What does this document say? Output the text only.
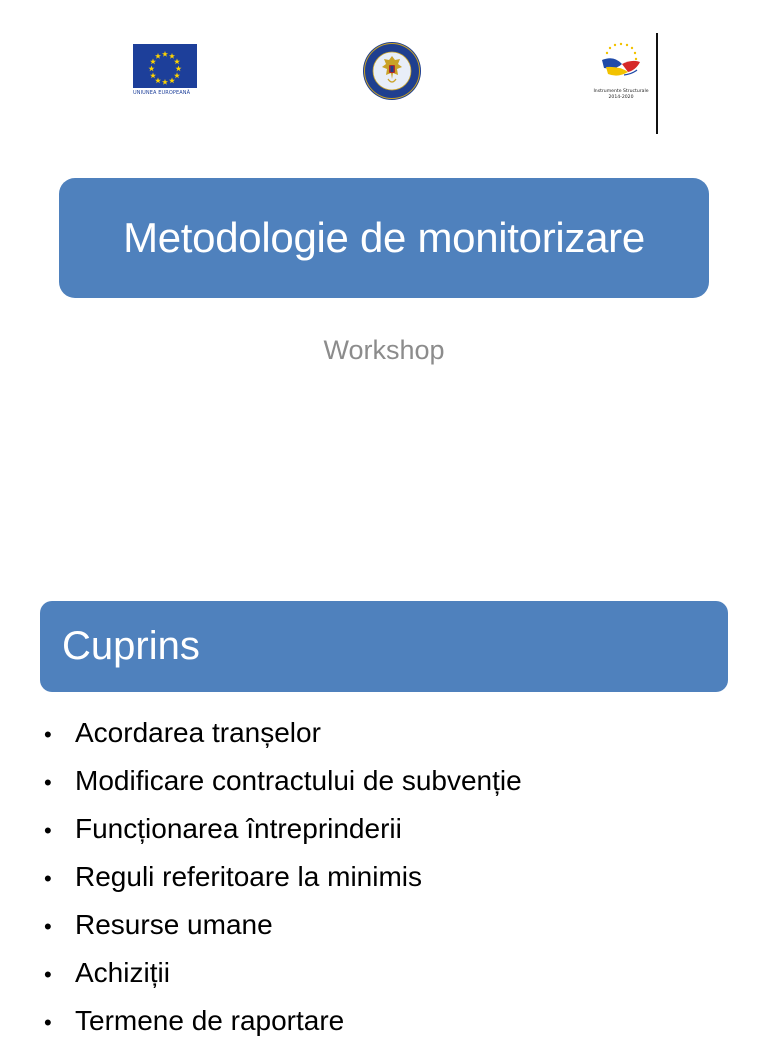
UNIUNEA EUROPEANĂ	Instrumente Structurale
2014-2020
Metodologie de monitorizare
Workshop
Cuprins
• Acordarea tranșelor
• Modificare contractului de subvenție
• Funcționarea întreprinderii
• Reguli referitoare la minimis
• Resurse umane
• Achiziții
• Termene de raportare
